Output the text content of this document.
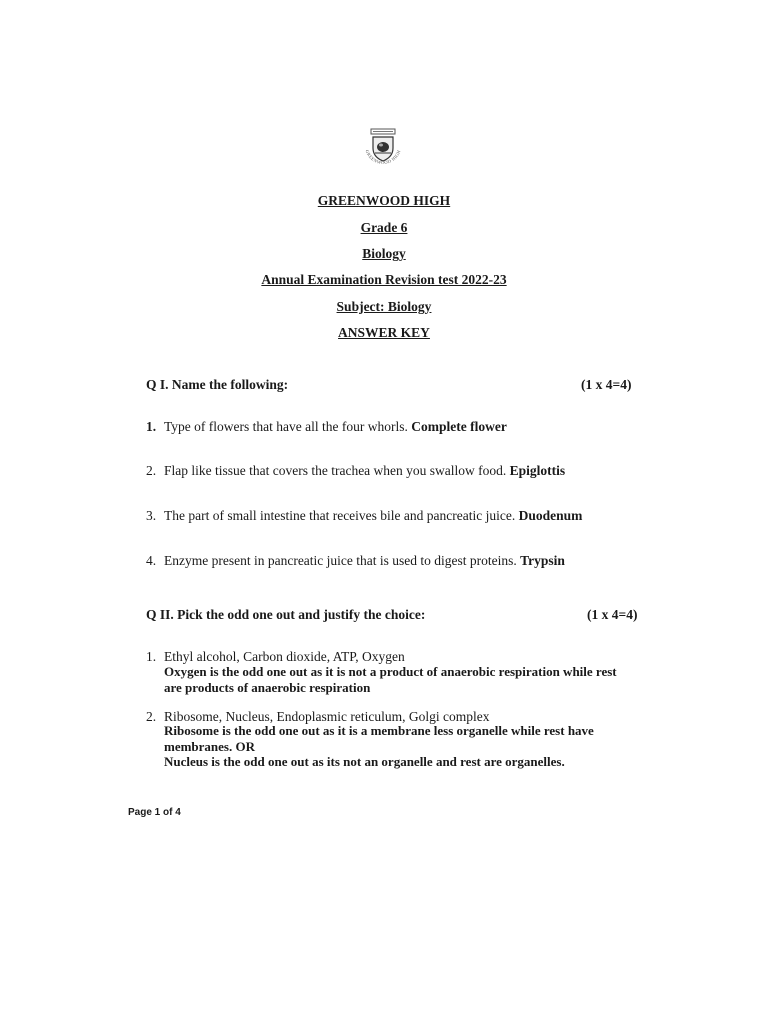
GREENWOOD HIGH
GREENWOOD HIGH
Grade 6
Biology
Annual Examination Revision test 2022-23
Subject: Biology
ANSWER KEY
Q I. Name the following:	(1 x 4=4)
1. Type of flowers that have all the four whorls. Complete flower
2. Flap like tissue that covers the trachea when you swallow food. Epiglottis
3. The part of small intestine that receives bile and pancreatic juice. Duodenum
4. Enzyme present in pancreatic juice that is used to digest proteins. Trypsin
Q II. Pick the odd one out and justify the choice:	(1 x 4=4)
1. Ethyl alcohol, Carbon dioxide, ATP, Oxygen
Oxygen is the odd one out as it is not a product of anaerobic respiration while rest are products of anaerobic respiration
2. Ribosome, Nucleus, Endoplasmic reticulum, Golgi complex
Ribosome is the odd one out as it is a membrane less organelle while rest have membranes. OR
Nucleus is the odd one out as its not an organelle and rest are organelles.
Page 1 of 4
